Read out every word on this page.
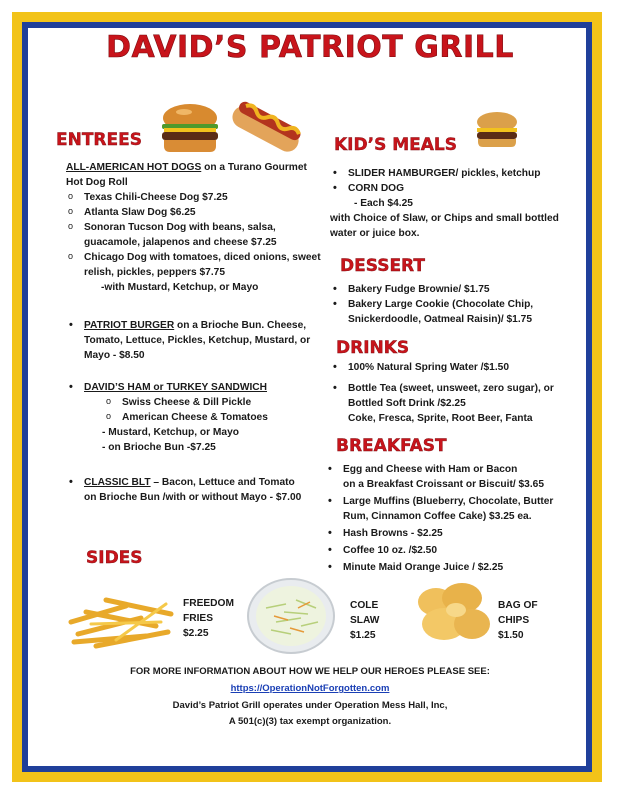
DAVID’S PATRIOT GRILL
ENTREES
ALL-AMERICAN HOT DOGS on a Turano Gourmet Hot Dog Roll
o Texas Chili-Cheese Dog $7.25
o Atlanta Slaw Dog $6.25
o Sonoran Tucson Dog with beans, salsa, guacamole, jalapenos and cheese $7.25
o Chicago Dog with tomatoes, diced onions, sweet relish, pickles, peppers $7.75
-with Mustard, Ketchup, or Mayo
• PATRIOT BURGER on a Brioche Bun. Cheese, Tomato, Lettuce, Pickles, Ketchup, Mustard, or Mayo - $8.50
• DAVID’S HAM or TURKEY SANDWICH
o Swiss Cheese & Dill Pickle
o American Cheese & Tomatoes
- Mustard, Ketchup, or Mayo
- on Brioche Bun -$7.25
• CLASSIC BLT – Bacon, Lettuce and Tomato on Brioche Bun /with or without Mayo - $7.00
KID’S MEALS
• SLIDER HAMBURGER/ pickles, ketchup
• CORN DOG
- Each $4.25
with Choice of Slaw, or Chips and small bottled water or juice box.
DESSERT
• Bakery Fudge Brownie/ $1.75
• Bakery Large Cookie (Chocolate Chip, Snickerdoodle, Oatmeal Raisin)/ $1.75
DRINKS
• 100% Natural Spring Water /$1.50
• Bottle Tea (sweet, unsweet, zero sugar), or Bottled Soft Drink /$2.25
Coke, Fresca, Sprite, Root Beer, Fanta
BREAKFAST
• Egg and Cheese with Ham or Bacon
on a Breakfast Croissant or Biscuit/ $3.65
• Large Muffins (Blueberry, Chocolate, Butter Rum, Cinnamon Coffee Cake) $3.25 ea.
• Hash Browns - $2.25
• Coffee 10 oz. /$2.50
• Minute Maid Orange Juice / $2.25
SIDES
FREEDOM
FRIES
$2.25
COLE
SLAW
$1.25
BAG OF
CHIPS
$1.50
FOR MORE INFORMATION ABOUT HOW WE HELP OUR HEROES PLEASE SEE:
https://OperationNotForgotten.com
David’s Patriot Grill operates under Operation Mess Hall, Inc,
A 501(c)(3) tax exempt organization.
